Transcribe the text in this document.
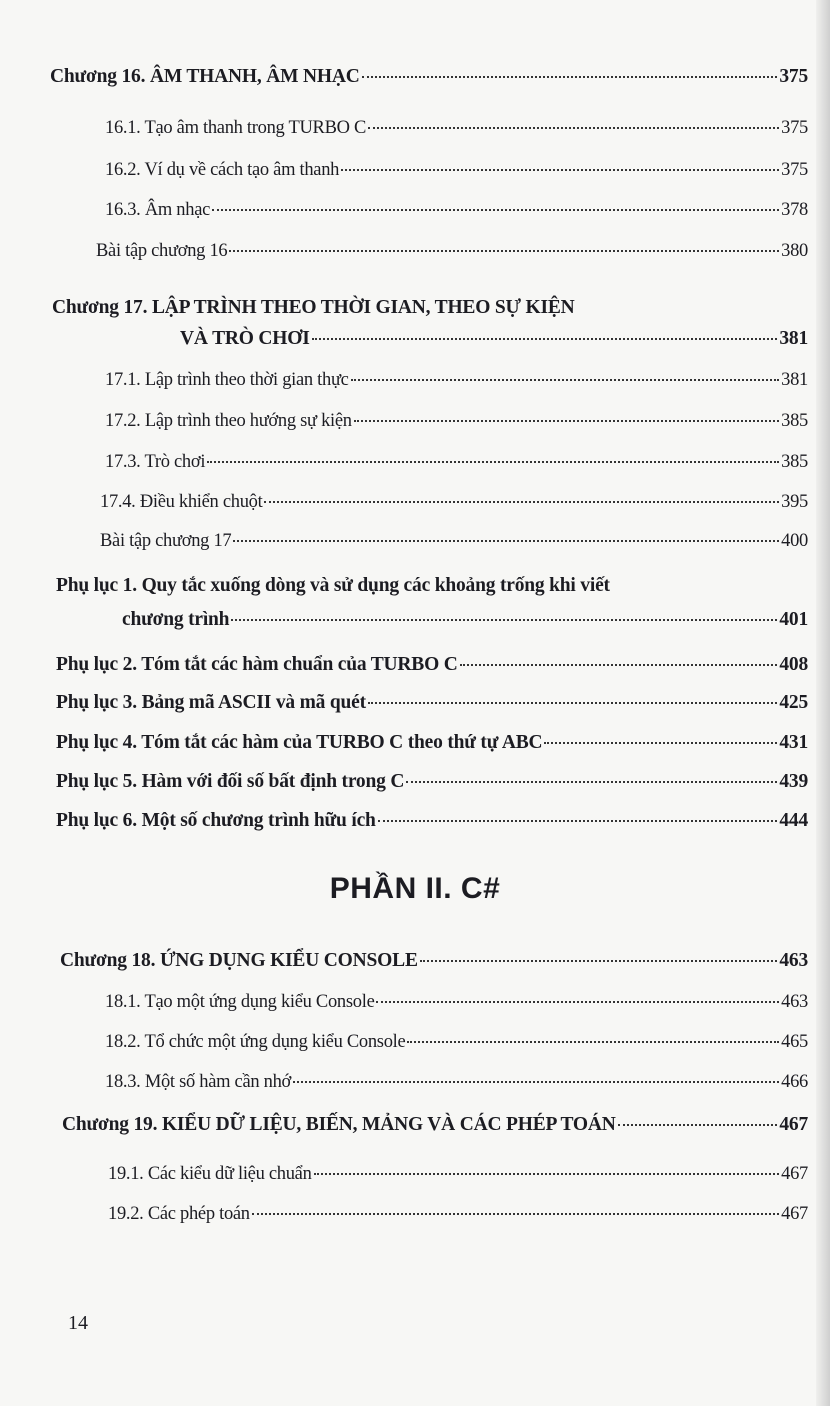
Chương 16. ÂM THANH, ÂM NHẠC	375
16.1. Tạo âm thanh trong TURBO C	375
16.2. Ví dụ về cách tạo âm thanh	375
16.3. Âm nhạc	378
Bài tập chương 16	380
Chương 17. LẬP TRÌNH THEO THỜI GIAN, THEO SỰ KIỆN
VÀ TRÒ CHƠI	381
17.1. Lập trình theo thời gian thực	381
17.2. Lập trình theo hướng sự kiện	385
17.3. Trò chơi	385
17.4. Điều khiển chuột	395
Bài tập chương 17	400
Phụ lục 1. Quy tắc xuống dòng và sử dụng các khoảng trống khi viết
chương trình	401
Phụ lục 2. Tóm tắt các hàm chuẩn của TURBO C	408
Phụ lục 3. Bảng mã ASCII và mã quét	425
Phụ lục 4. Tóm tắt các hàm của TURBO C theo thứ tự ABC	431
Phụ lục 5. Hàm với đối số bất định trong C	439
Phụ lục 6. Một số chương trình hữu ích	444
PHẦN II. C#
Chương 18. ỨNG DỤNG KIỂU CONSOLE	463
18.1. Tạo một ứng dụng kiểu Console	463
18.2. Tổ chức một ứng dụng kiểu Console	465
18.3. Một số hàm cần nhớ	466
Chương 19. KIỂU DỮ LIỆU, BIẾN, MẢNG VÀ CÁC PHÉP TOÁN	467
19.1. Các kiểu dữ liệu chuẩn	467
19.2. Các phép toán	467
14
